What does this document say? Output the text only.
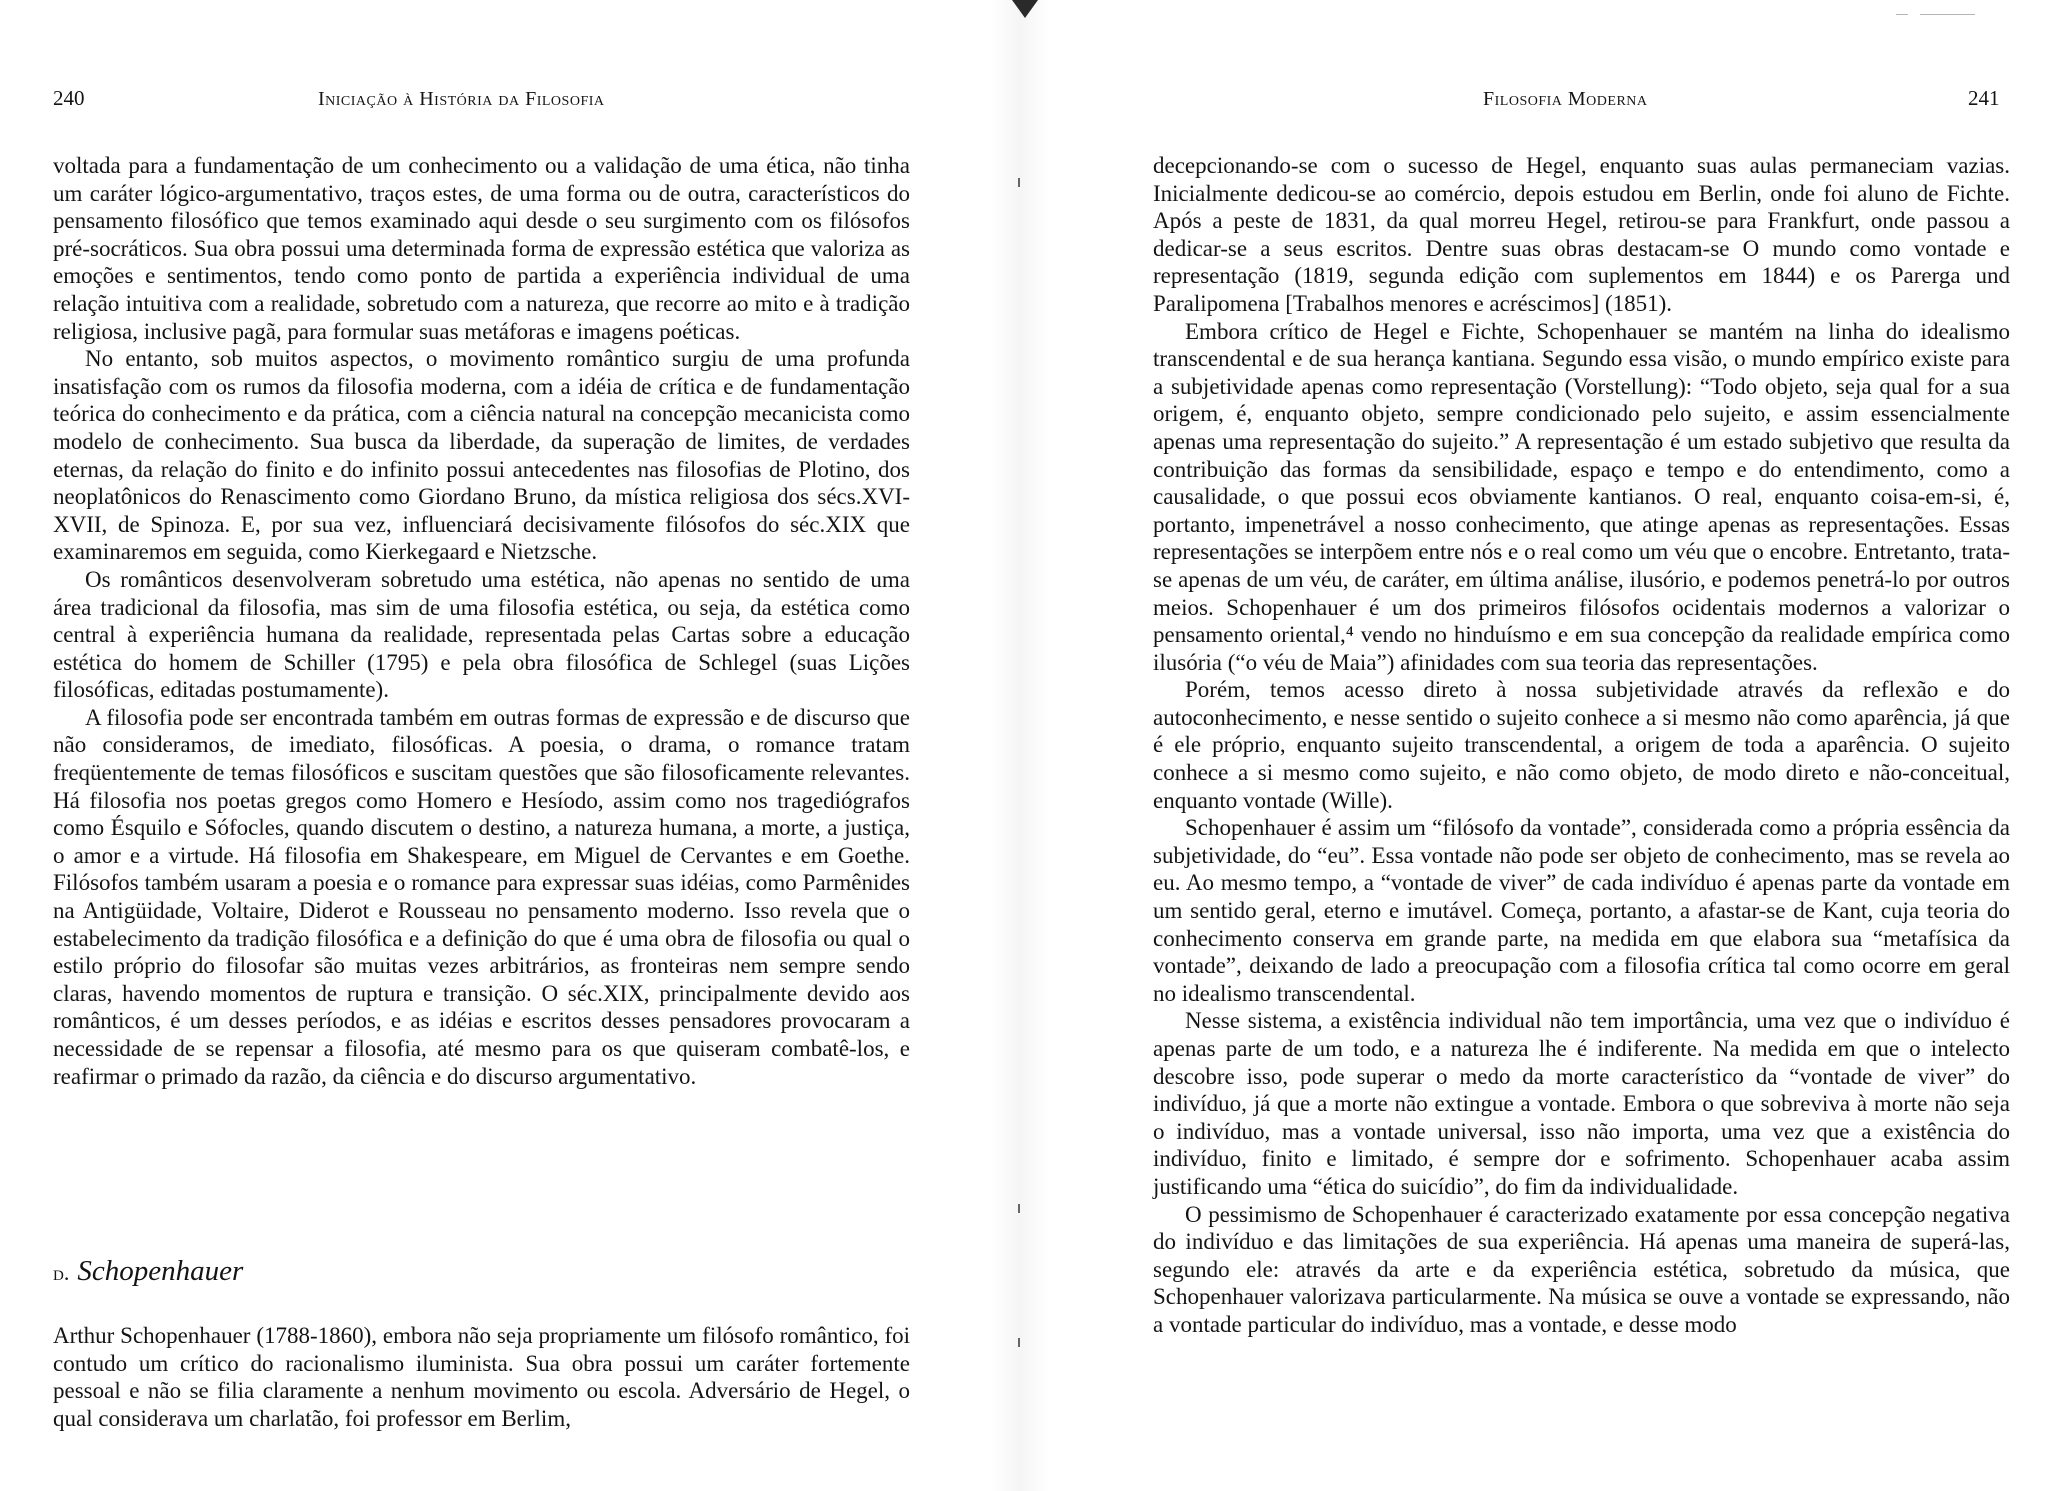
240	Iniciação à História da Filosofia

voltada para a fundamentação de um conhecimento ou a validação de uma ética, não tinha um caráter lógico-argumentativo, traços estes, de uma forma ou de outra, característicos do pensamento filosófico que temos examinado aqui desde o seu surgimento com os filósofos pré-socráticos. Sua obra possui uma determinada forma de expressão estética que valoriza as emoções e sentimentos, tendo como ponto de partida a experiência individual de uma relação intuitiva com a realidade, sobretudo com a natureza, que recorre ao mito e à tradição religiosa, inclusive pagã, para formular suas metáforas e imagens poéticas.

No entanto, sob muitos aspectos, o movimento romântico surgiu de uma profunda insatisfação com os rumos da filosofia moderna, com a idéia de crítica e de fundamentação teórica do conhecimento e da prática, com a ciência natural na concepção mecanicista como modelo de conhecimento. Sua busca da liberdade, da superação de limites, de verdades eternas, da relação do finito e do infinito possui antecedentes nas filosofias de Plotino, dos neoplatônicos do Renascimento como Giordano Bruno, da mística religiosa dos sécs.XVI-XVII, de Spinoza. E, por sua vez, influenciará decisivamente filósofos do séc.XIX que examinaremos em seguida, como Kierkegaard e Nietzsche.

Os românticos desenvolveram sobretudo uma estética, não apenas no sentido de uma área tradicional da filosofia, mas sim de uma filosofia estética, ou seja, da estética como central à experiência humana da realidade, representada pelas Cartas sobre a educação estética do homem de Schiller (1795) e pela obra filosófica de Schlegel (suas Lições filosóficas, editadas postumamente).

A filosofia pode ser encontrada também em outras formas de expressão e de discurso que não consideramos, de imediato, filosóficas. A poesia, o drama, o romance tratam freqüentemente de temas filosóficos e suscitam questões que são filosoficamente relevantes. Há filosofia nos poetas gregos como Homero e Hesíodo, assim como nos tragediógrafos como Ésquilo e Sófocles, quando discutem o destino, a natureza humana, a morte, a justiça, o amor e a virtude. Há filosofia em Shakespeare, em Miguel de Cervantes e em Goethe. Filósofos também usaram a poesia e o romance para expressar suas idéias, como Parmênides na Antigüidade, Voltaire, Diderot e Rousseau no pensamento moderno. Isso revela que o estabelecimento da tradição filosófica e a definição do que é uma obra de filosofia ou qual o estilo próprio do filosofar são muitas vezes arbitrários, as fronteiras nem sempre sendo claras, havendo momentos de ruptura e transição. O séc.XIX, principalmente devido aos românticos, é um desses períodos, e as idéias e escritos desses pensadores provocaram a necessidade de se repensar a filosofia, até mesmo para os que quiseram combatê-los, e reafirmar o primado da razão, da ciência e do discurso argumentativo.

d. Schopenhauer

Arthur Schopenhauer (1788-1860), embora não seja propriamente um filósofo romântico, foi contudo um crítico do racionalismo iluminista. Sua obra possui um caráter fortemente pessoal e não se filia claramente a nenhum movimento ou escola. Adversário de Hegel, o qual considerava um charlatão, foi professor em Berlim,

Filosofia Moderna	241

decepcionando-se com o sucesso de Hegel, enquanto suas aulas permaneciam vazias. Inicialmente dedicou-se ao comércio, depois estudou em Berlin, onde foi aluno de Fichte. Após a peste de 1831, da qual morreu Hegel, retirou-se para Frankfurt, onde passou a dedicar-se a seus escritos. Dentre suas obras destacam-se O mundo como vontade e representação (1819, segunda edição com suplementos em 1844) e os Parerga und Paralipomena [Trabalhos menores e acréscimos] (1851).

Embora crítico de Hegel e Fichte, Schopenhauer se mantém na linha do idealismo transcendental e de sua herança kantiana. Segundo essa visão, o mundo empírico existe para a subjetividade apenas como representação (Vorstellung): “Todo objeto, seja qual for a sua origem, é, enquanto objeto, sempre condicionado pelo sujeito, e assim essencialmente apenas uma representação do sujeito.” A representação é um estado subjetivo que resulta da contribuição das formas da sensibilidade, espaço e tempo e do entendimento, como a causalidade, o que possui ecos obviamente kantianos. O real, enquanto coisa-em-si, é, portanto, impenetrável a nosso conhecimento, que atinge apenas as representações. Essas representações se interpõem entre nós e o real como um véu que o encobre. Entretanto, trata-se apenas de um véu, de caráter, em última análise, ilusório, e podemos penetrá-lo por outros meios. Schopenhauer é um dos primeiros filósofos ocidentais modernos a valorizar o pensamento oriental,⁴ vendo no hinduísmo e em sua concepção da realidade empírica como ilusória (“o véu de Maia”) afinidades com sua teoria das representações.

Porém, temos acesso direto à nossa subjetividade através da reflexão e do autoconhecimento, e nesse sentido o sujeito conhece a si mesmo não como aparência, já que é ele próprio, enquanto sujeito transcendental, a origem de toda a aparência. O sujeito conhece a si mesmo como sujeito, e não como objeto, de modo direto e não-conceitual, enquanto vontade (Wille).

Schopenhauer é assim um “filósofo da vontade”, considerada como a própria essência da subjetividade, do “eu”. Essa vontade não pode ser objeto de conhecimento, mas se revela ao eu. Ao mesmo tempo, a “vontade de viver” de cada indivíduo é apenas parte da vontade em um sentido geral, eterno e imutável. Começa, portanto, a afastar-se de Kant, cuja teoria do conhecimento conserva em grande parte, na medida em que elabora sua “metafísica da vontade”, deixando de lado a preocupação com a filosofia crítica tal como ocorre em geral no idealismo transcendental.

Nesse sistema, a existência individual não tem importância, uma vez que o indivíduo é apenas parte de um todo, e a natureza lhe é indiferente. Na medida em que o intelecto descobre isso, pode superar o medo da morte característico da “vontade de viver” do indivíduo, já que a morte não extingue a vontade. Embora o que sobreviva à morte não seja o indivíduo, mas a vontade universal, isso não importa, uma vez que a existência do indivíduo, finito e limitado, é sempre dor e sofrimento. Schopenhauer acaba assim justificando uma “ética do suicídio”, do fim da individualidade.

O pessimismo de Schopenhauer é caracterizado exatamente por essa concepção negativa do indivíduo e das limitações de sua experiência. Há apenas uma maneira de superá-las, segundo ele: através da arte e da experiência estética, sobretudo da música, que Schopenhauer valorizava particularmente. Na música se ouve a vontade se expressando, não a vontade particular do indivíduo, mas a vontade, e desse modo
